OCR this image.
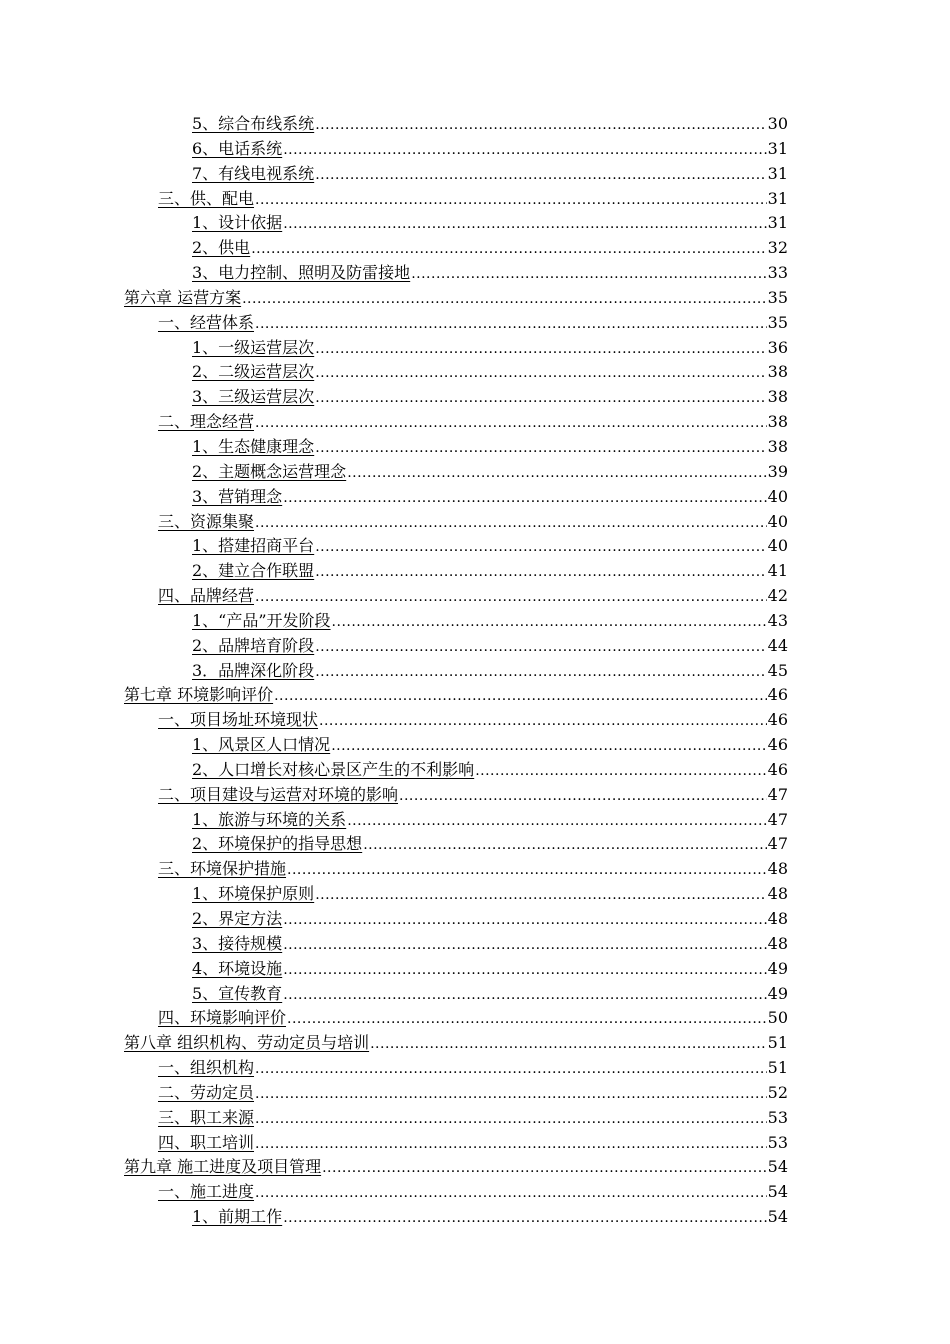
5、综合布线系统 .....	30
6、电话系统 .....	31
7、有线电视系统 .....	31
三、供、配电 .....	31
1、设计依据 .....	31
2、供电 .....	32
3、电力控制、照明及防雷接地 .....	33
第六章 运营方案 .....	35
一、经营体系 .....	35
1、一级运营层次 .....	36
2、二级运营层次 .....	38
3、三级运营层次 .....	38
二、理念经营 .....	38
1、生态健康理念 .....	38
2、主题概念运营理念 .....	39
3、营销理念 .....	40
三、资源集聚 .....	40
1、搭建招商平台 .....	40
2、建立合作联盟 .....	41
四、品牌经营 .....	42
1、“产品”开发阶段 .....	43
2、品牌培育阶段 .....	44
3．品牌深化阶段 .....	45
第七章 环境影响评价 .....	46
一、项目场址环境现状 .....	46
1、风景区人口情况 .....	46
2、人口增长对核心景区产生的不利影响 .....	46
二、项目建设与运营对环境的影响 .....	47
1、旅游与环境的关系 .....	47
2、环境保护的指导思想 .....	47
三、环境保护措施 .....	48
1、环境保护原则 .....	48
2、界定方法 .....	48
3、接待规模 .....	48
4、环境设施 .....	49
5、宣传教育 .....	49
四、环境影响评价 .....	50
第八章 组织机构、劳动定员与培训 .....	51
一、组织机构 .....	51
二、劳动定员 .....	52
三、职工来源 .....	53
四、职工培训 .....	53
第九章 施工进度及项目管理 .....	54
一、施工进度 .....	54
1、前期工作 .....	54
